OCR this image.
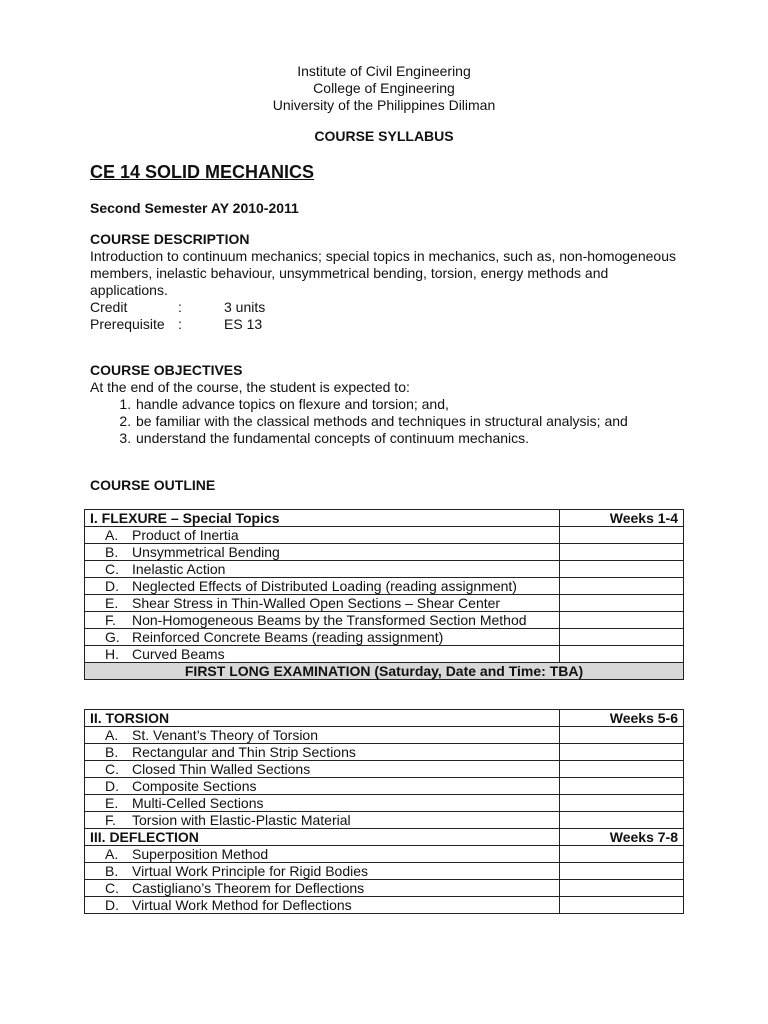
Institute of Civil Engineering
College of Engineering
University of the Philippines Diliman
COURSE SYLLABUS
CE 14 SOLID MECHANICS
Second Semester AY 2010-2011
COURSE DESCRIPTION

Introduction to continuum mechanics; special topics in mechanics, such as, non-homogeneous members, inelastic behaviour, unsymmetrical bending, torsion, energy methods and applications.

Credit	:	3 units
Prerequisite :	ES 13
COURSE OBJECTIVES
At the end of the course, the student is expected to:
1. handle advance topics on flexure and torsion; and,
2. be familiar with the classical methods and techniques in structural analysis; and
3. understand the fundamental concepts of continuum mechanics.
COURSE OUTLINE
I. FLEXURE – Special Topics	Weeks 1-4
A. Product of Inertia	
B. Unsymmetrical Bending	
C. Inelastic Action	
D. Neglected Effects of Distributed Loading (reading assignment)	
E. Shear Stress in Thin-Walled Open Sections – Shear Center	
F. Non-Homogeneous Beams by the Transformed Section Method	
G. Reinforced Concrete Beams (reading assignment)	
H. Curved Beams	
FIRST LONG EXAMINATION (Saturday, Date and Time: TBA)	
II. TORSION	Weeks 5-6
A. St. Venant’s Theory of Torsion	
B. Rectangular and Thin Strip Sections	
C. Closed Thin Walled Sections	
D. Composite Sections	
E. Multi-Celled Sections	
F. Torsion with Elastic-Plastic Material	
III. DEFLECTION	Weeks 7-8
A. Superposition Method	
B. Virtual Work Principle for Rigid Bodies	
C. Castigliano’s Theorem for Deflections	
D. Virtual Work Method for Deflections	
